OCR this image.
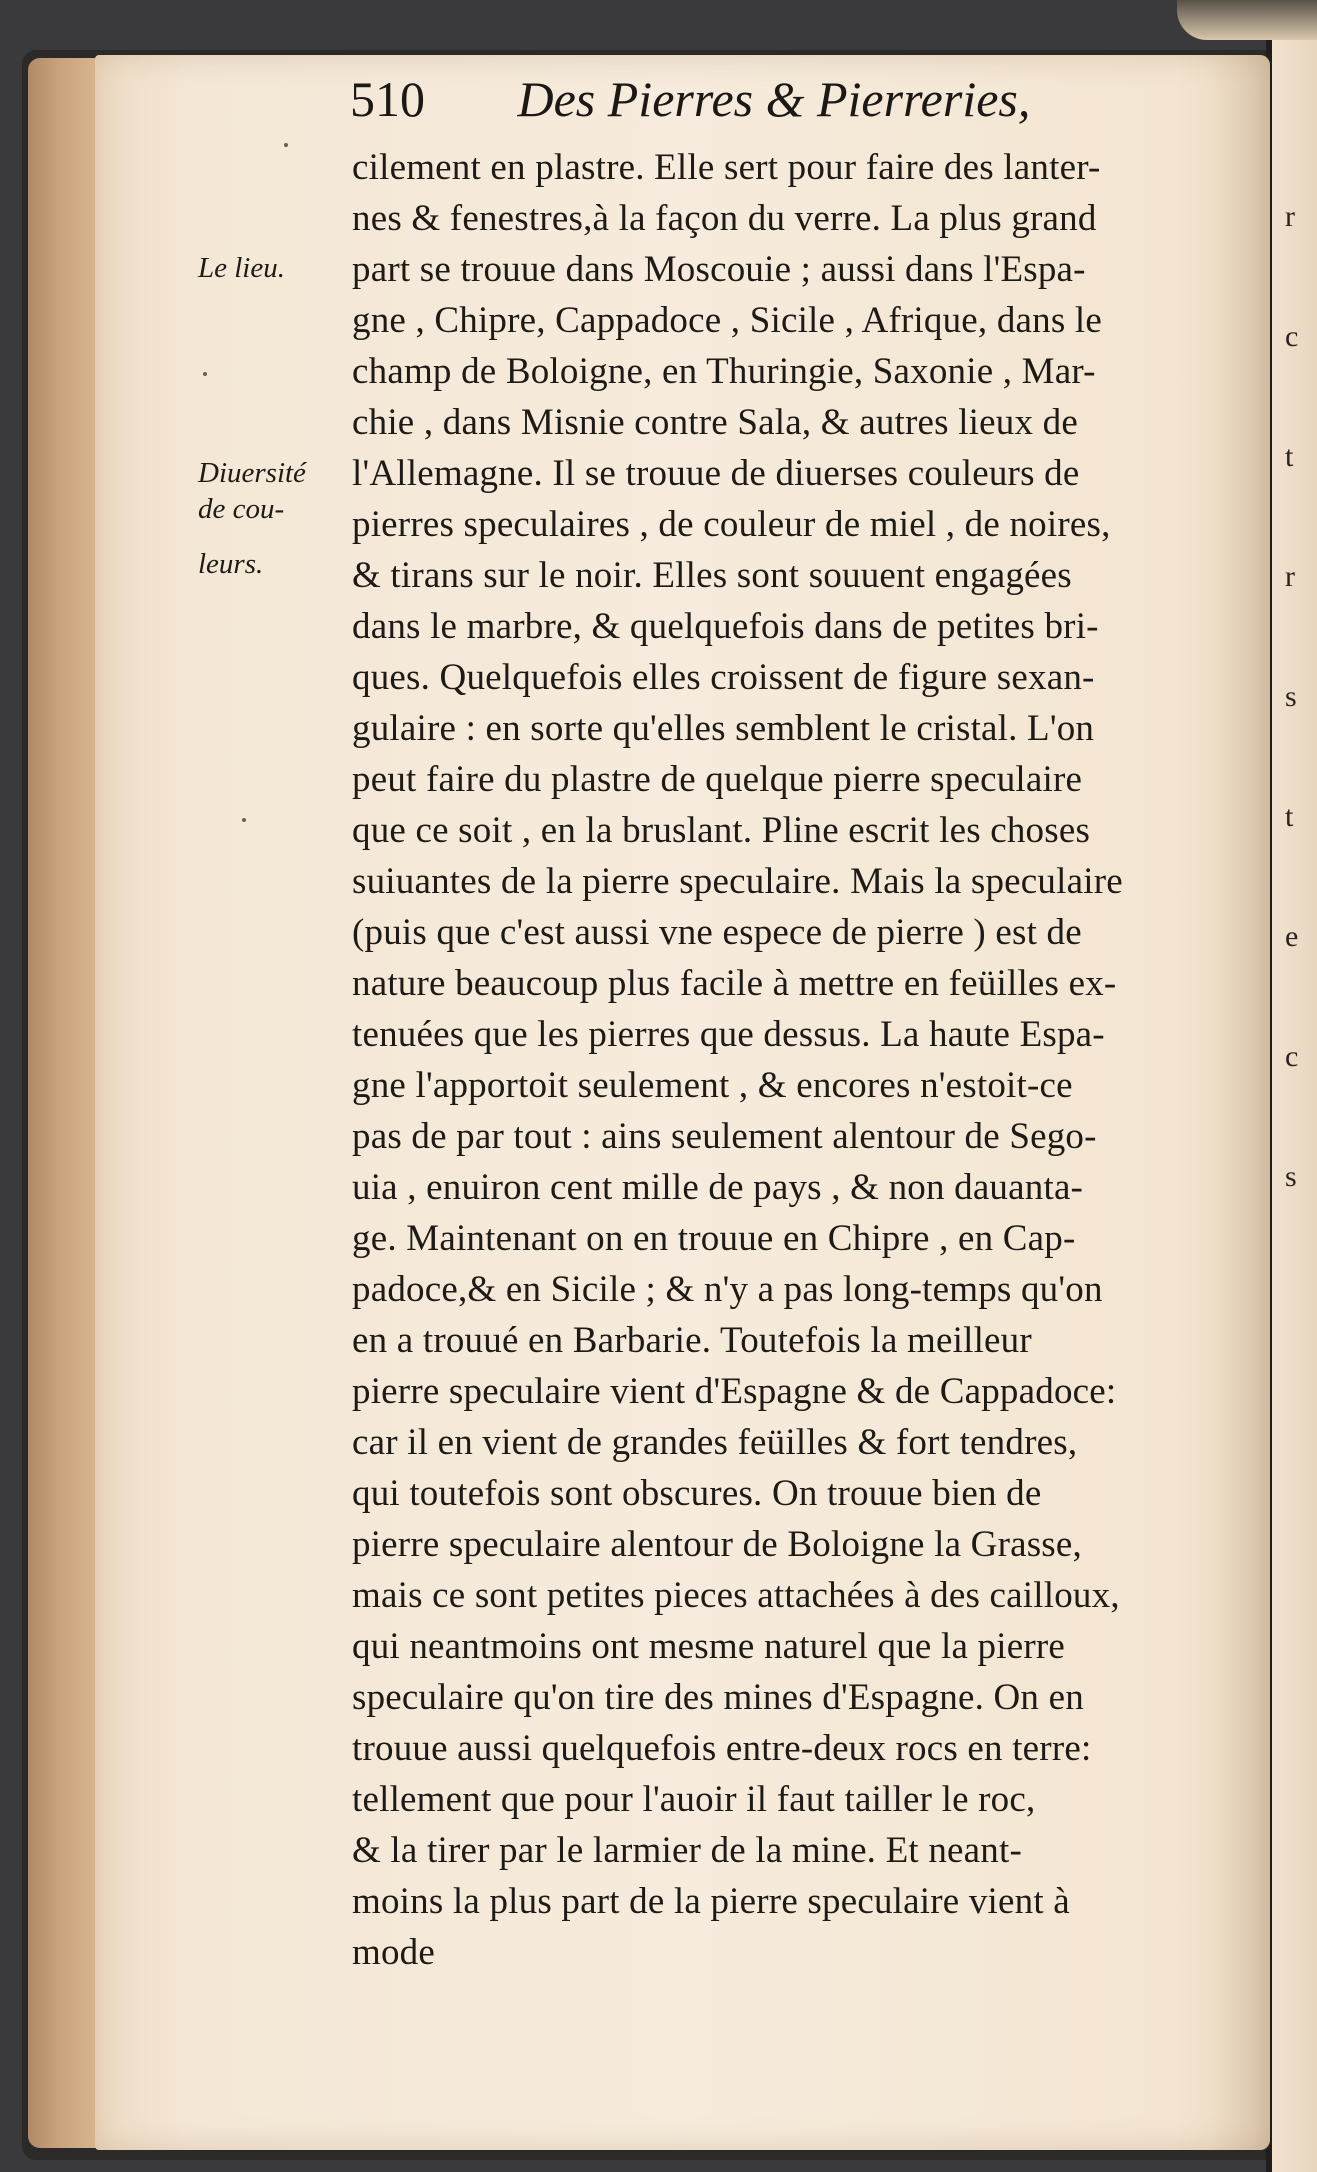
r
c
t
r
s
t
e
c
s
510 Des Pierres & Pierreries,
Le lieu.
Diuersité
de cou-
leurs.
cilement en plastre. Elle sert pour faire des lanter-
nes & fenestres,à la façon du verre. La plus grand
part se trouue dans Moscouie ; aussi dans l'Espa-
gne , Chipre, Cappadoce , Sicile , Afrique, dans le
champ de Boloigne, en Thuringie, Saxonie , Mar-
chie , dans Misnie contre Sala, & autres lieux de
l'Allemagne. Il se trouue de diuerses couleurs de
pierres speculaires , de couleur de miel , de noires,
& tirans sur le noir. Elles sont souuent engagées
dans le marbre, & quelquefois dans de petites bri-
ques. Quelquefois elles croissent de figure sexan-
gulaire : en sorte qu'elles semblent le cristal. L'on
peut faire du plastre de quelque pierre speculaire
que ce soit , en la bruslant. Pline escrit les choses
suiuantes de la pierre speculaire. Mais la speculaire
(puis que c'est aussi vne espece de pierre ) est de
nature beaucoup plus facile à mettre en feüilles ex-
tenuées que les pierres que dessus. La haute Espa-
gne l'apportoit seulement , & encores n'estoit-ce
pas de par tout : ains seulement alentour de Sego-
uia , enuiron cent mille de pays , & non dauanta-
ge. Maintenant on en trouue en Chipre , en Cap-
padoce,& en Sicile ; & n'y a pas long-temps qu'on
en a trouué en Barbarie. Toutefois la meilleur
pierre speculaire vient d'Espagne & de Cappadoce:
car il en vient de grandes feüilles & fort tendres,
qui toutefois sont obscures. On trouue bien de
pierre speculaire alentour de Boloigne la Grasse,
mais ce sont petites pieces attachées à des cailloux,
qui neantmoins ont mesme naturel que la pierre
speculaire qu'on tire des mines d'Espagne. On en
trouue aussi quelquefois entre-deux rocs en terre:
tellement que pour l'auoir il faut tailler le roc,
& la tirer par le larmier de la mine. Et neant-
moins la plus part de la pierre speculaire vient à
mode
